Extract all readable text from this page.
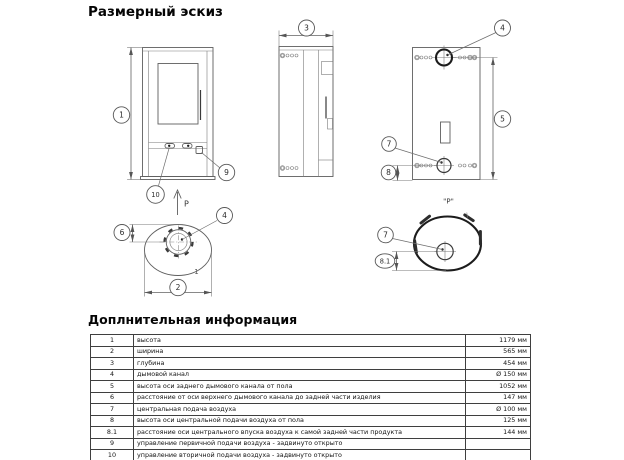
Размерный эскиз
P	"P"
1
1
3	4
5
7
8
9
10
4
6
2
7
8.1
Доплнительная информация
1	высота	1179 мм
2	ширина	565 мм
3	глубина	454 мм
4	дымовой канал	Ø 150 мм
5	высота оси заднего дымового канала от пола	1052 мм
6	расстояние от оси верхнего дымового канала до задней части изделия	147 мм
7	центральная подача воздуха	Ø 100 мм
8	высота оси центральной подачи воздуха от пола	125 мм
8.1	расстояние оси центрального впуска воздуха к самой задней части продукта	144 мм
9	управление первичной подачи воздуха - задвинуто открыто	
10	управление вторичной подачи воздуха - задвинуто открыто	
